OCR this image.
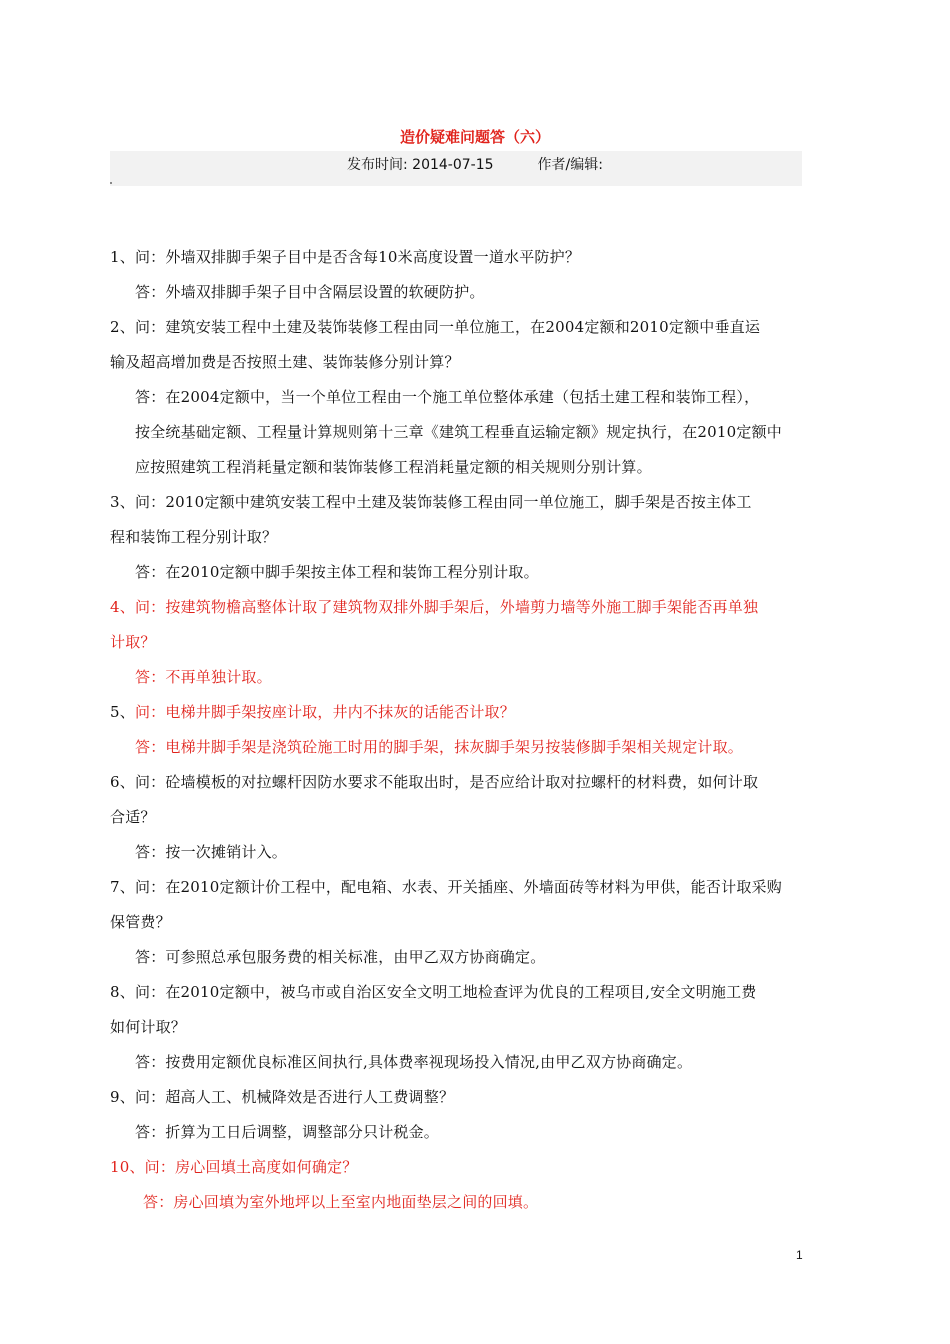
造价疑难问题答（六）
发布时间: 2014-07-15	作者/编辑:
1、问：外墙双排脚手架子目中是否含每10米高度设置一道水平防护？
答：外墙双排脚手架子目中含隔层设置的软硬防护。
2、问：建筑安装工程中土建及装饰装修工程由同一单位施工，在2004定额和2010定额中垂直运
输及超高增加费是否按照土建、装饰装修分别计算？
答：在2004定额中，当一个单位工程由一个施工单位整体承建（包括土建工程和装饰工程），
按全统基础定额、工程量计算规则第十三章《建筑工程垂直运输定额》规定执行，在2010定额中
应按照建筑工程消耗量定额和装饰装修工程消耗量定额的相关规则分别计算。
3、问：2010定额中建筑安装工程中土建及装饰装修工程由同一单位施工，脚手架是否按主体工
程和装饰工程分别计取？
答：在2010定额中脚手架按主体工程和装饰工程分别计取。
4、问：按建筑物檐高整体计取了建筑物双排外脚手架后，外墙剪力墙等外施工脚手架能否再单独
计取？
答：不再单独计取。
5、问：电梯井脚手架按座计取，井内不抹灰的话能否计取？
答：电梯井脚手架是浇筑砼施工时用的脚手架，抹灰脚手架另按装修脚手架相关规定计取。
6、问：砼墙模板的对拉螺杆因防水要求不能取出时，是否应给计取对拉螺杆的材料费，如何计取
合适？
答：按一次摊销计入。
7、问：在2010定额计价工程中，配电箱、水表、开关插座、外墙面砖等材料为甲供，能否计取采购
保管费？
答：可参照总承包服务费的相关标准，由甲乙双方协商确定。
8、问：在2010定额中，被乌市或自治区安全文明工地检查评为优良的工程项目,安全文明施工费
如何计取？
答：按费用定额优良标准区间执行,具体费率视现场投入情况,由甲乙双方协商确定。
9、问：超高人工、机械降效是否进行人工费调整？
答：折算为工日后调整，调整部分只计税金。
10、问：房心回填土高度如何确定？
答：房心回填为室外地坪以上至室内地面垫层之间的回填。
1
